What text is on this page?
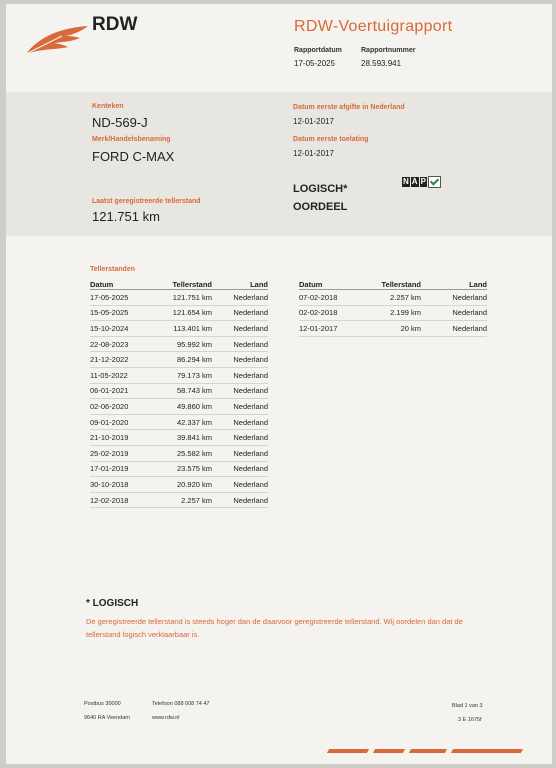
RDW	RDW-Voertuigrapport
Rapportdatum	Rapportnummer
17-05-2025	28.593.941
Kenteken
ND-569-J
Merk/Handelsbenaming
FORD C-MAX
Laatst geregistreerde tellerstand
121.751 km
Datum eerste afgifte in Nederland
12-01-2017
Datum eerste toelating
12-01-2017
LOGISCH*
OORDEEL
N A P
Tellerstanden
Datum	Tellerstand	Land
17-05-2025	121.751 km	Nederland
15-05-2025	121.654 km	Nederland
15-10-2024	113.401 km	Nederland
22-08-2023	95.992 km	Nederland
21-12-2022	86.294 km	Nederland
11-05-2022	79.173 km	Nederland
06-01-2021	58.743 km	Nederland
02-06-2020	49.860 km	Nederland
09-01-2020	42.337 km	Nederland
21-10-2019	39.841 km	Nederland
25-02-2019	25.582 km	Nederland
17-01-2019	23.575 km	Nederland
30-10-2018	20.920 km	Nederland
12-02-2018	2.257 km	Nederland
Datum	Tellerstand	Land
07-02-2018	2.257 km	Nederland
02-02-2018	2.199 km	Nederland
12-01-2017	20 km	Nederland
* LOGISCH
De geregistreerde tellerstand is steeds hoger dan de daarvoor geregistreerde tellerstand. Wij oordelen dan dat de tellerstand logisch verklaarbaar is.
Postbus 30000
9640 RA Veendam
Telefoon 088 008 74 47
www.rdw.nl
Blad 1 van 3
3 E 1675f
